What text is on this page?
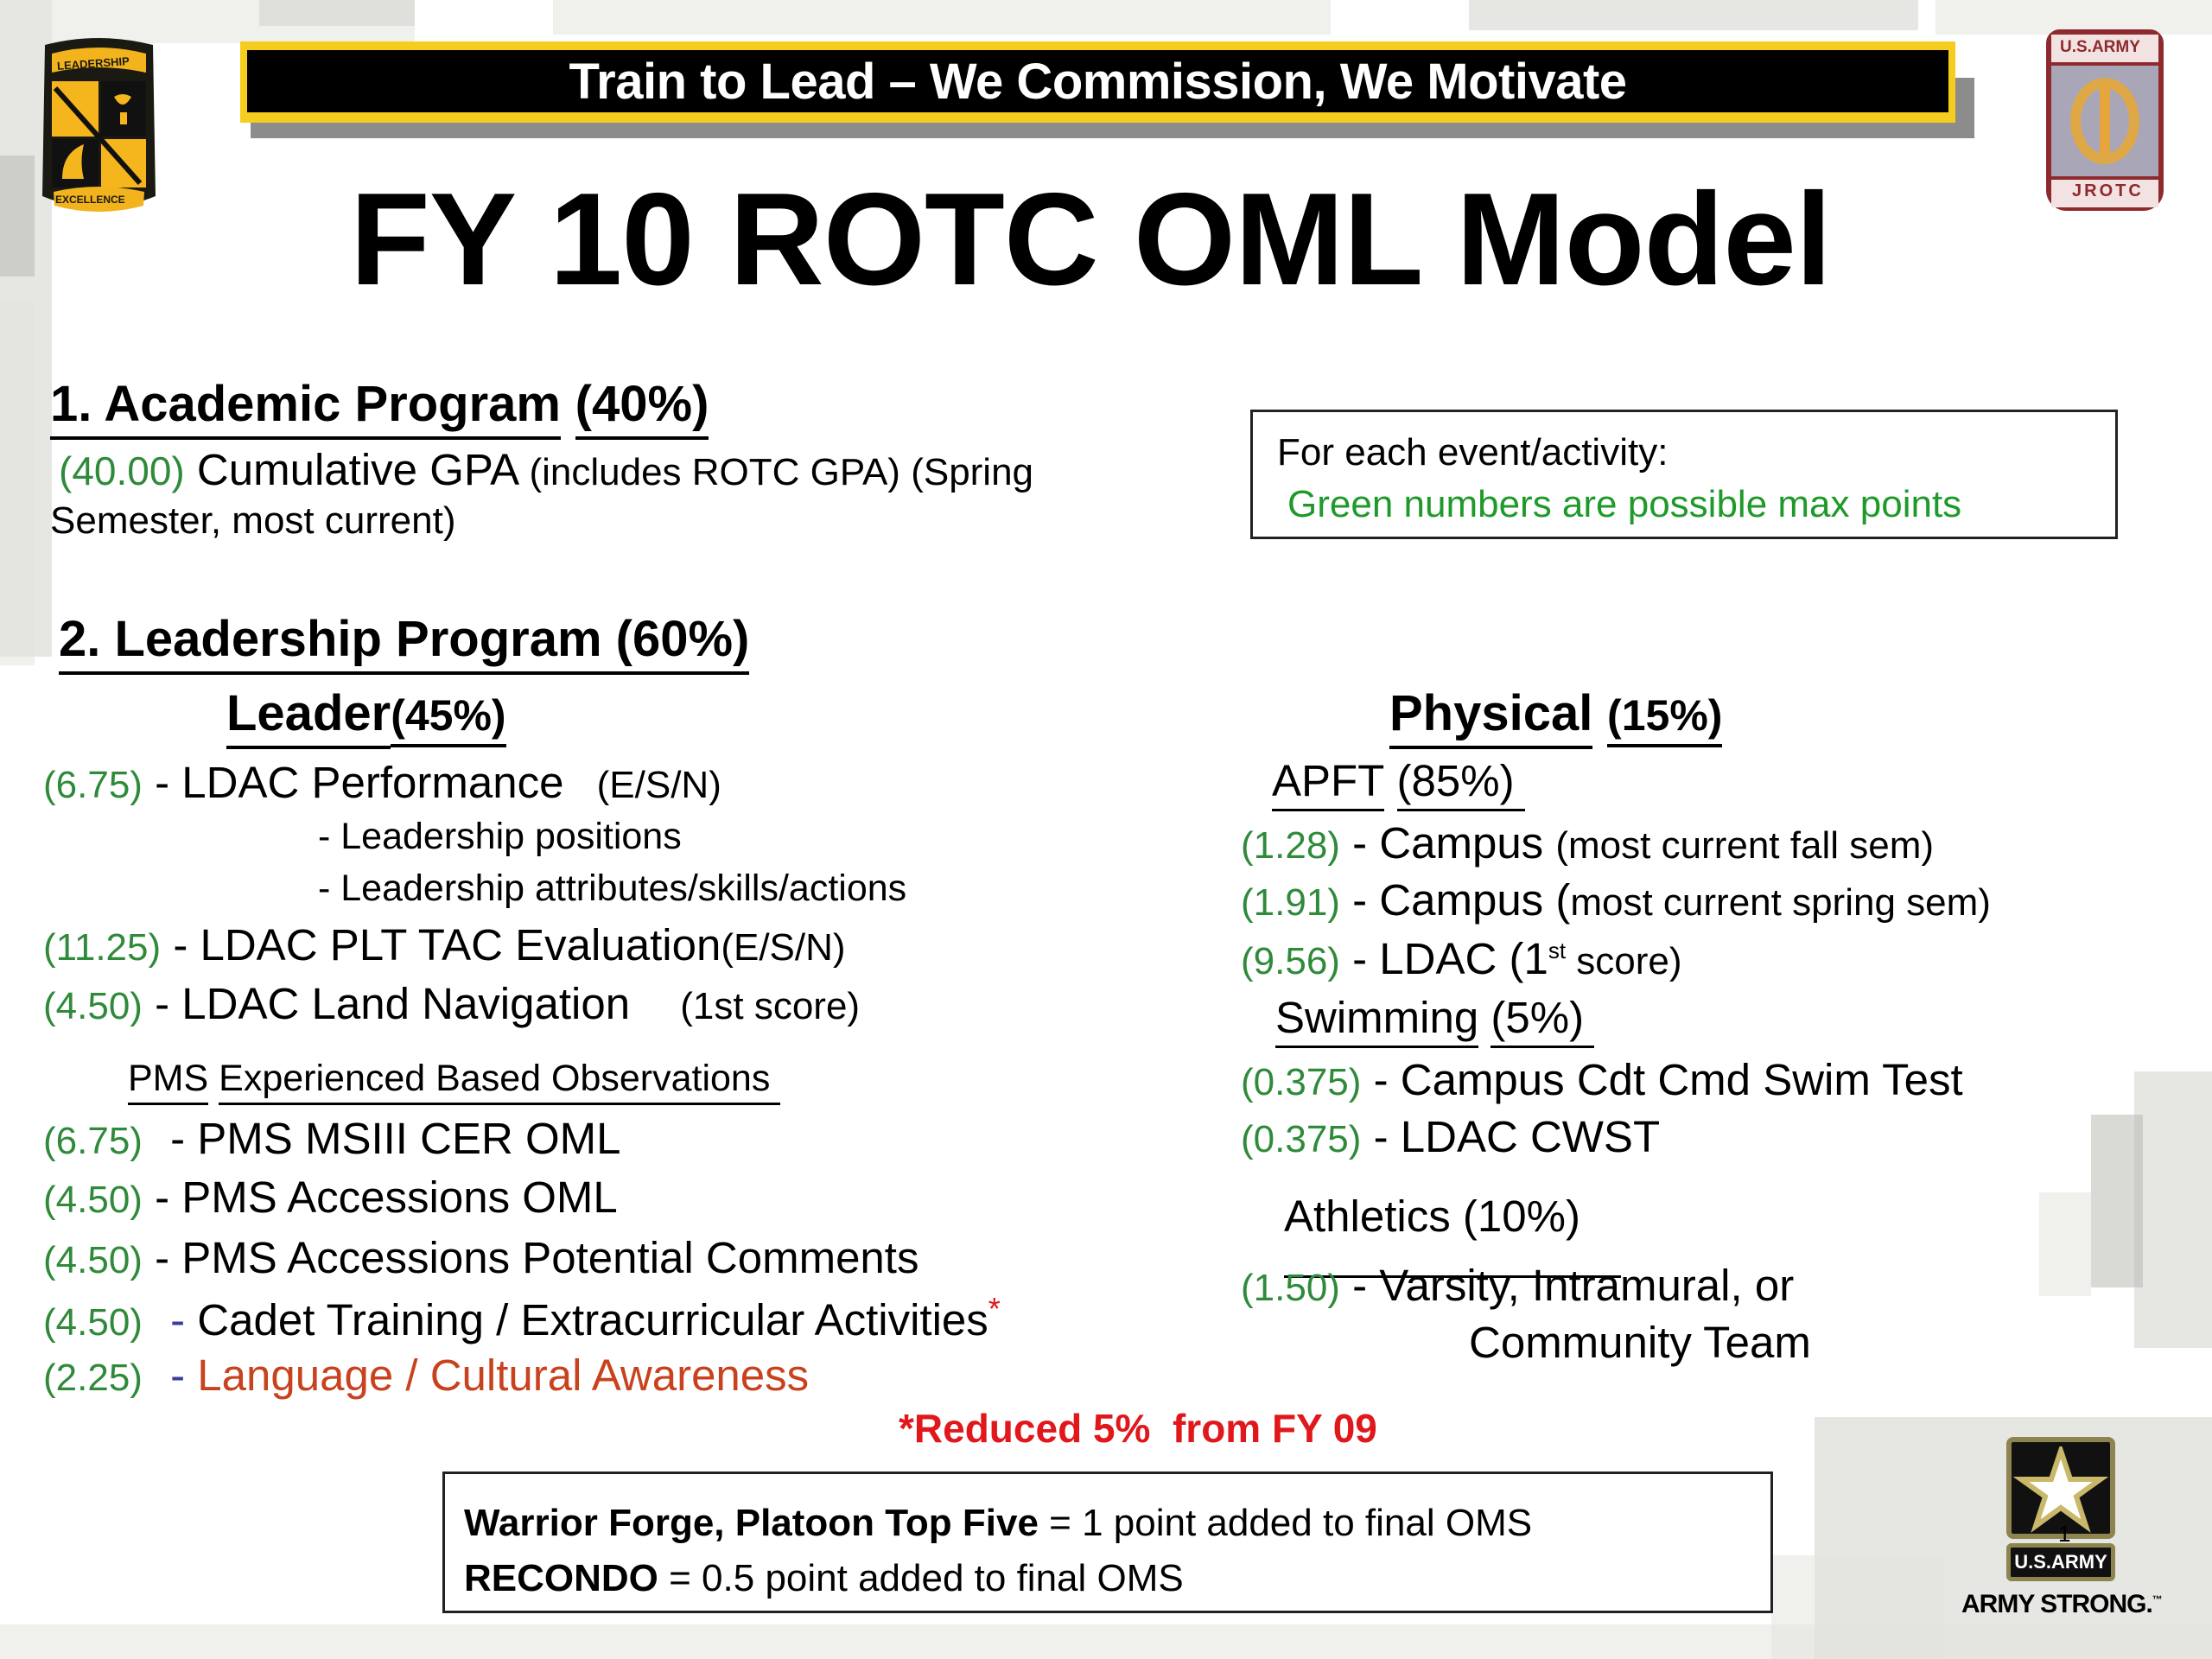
LEADERSHIP
EXCELLENCE
U.S.ARMY
JROTC
Train to Lead – We Commission, We Motivate
FY 10 ROTC OML Model
1. Academic Program (40%)
(40.00) Cumulative GPA (includes ROTC GPA) (Spring
Semester, most current)
For each event/activity:
Green numbers are possible max points
2. Leadership Program (60%)
Leader(45%)
(6.75) - LDAC Performance (E/S/N)
- Leadership positions
- Leadership attributes/skills/actions
(11.25) - LDAC PLT TAC Evaluation(E/S/N)
(4.50) - LDAC Land Navigation (1st score)
PMS Experienced Based Observations
(6.75) - PMS MSIII CER OML
(4.50) - PMS Accessions OML
(4.50) - PMS Accessions Potential Comments
(4.50) - Cadet Training / Extracurricular Activities*
(2.25) - Language / Cultural Awareness
Physical (15%)
APFT (85%)
(1.28) - Campus (most current fall sem)
(1.91) - Campus (most current spring sem)
(9.56) - LDAC (1st score)
Swimming (5%)
(0.375) - Campus Cdt Cmd Swim Test
(0.375) - LDAC CWST
Athletics (10%)
(1.50) - Varsity, Intramural, or
Community Team
*Reduced 5%  from FY 09
Warrior Forge, Platoon Top Five = 1 point added to final OMS
RECONDO = 0.5 point added to final OMS	U.S.ARMY
1
ARMY STRONG.™
